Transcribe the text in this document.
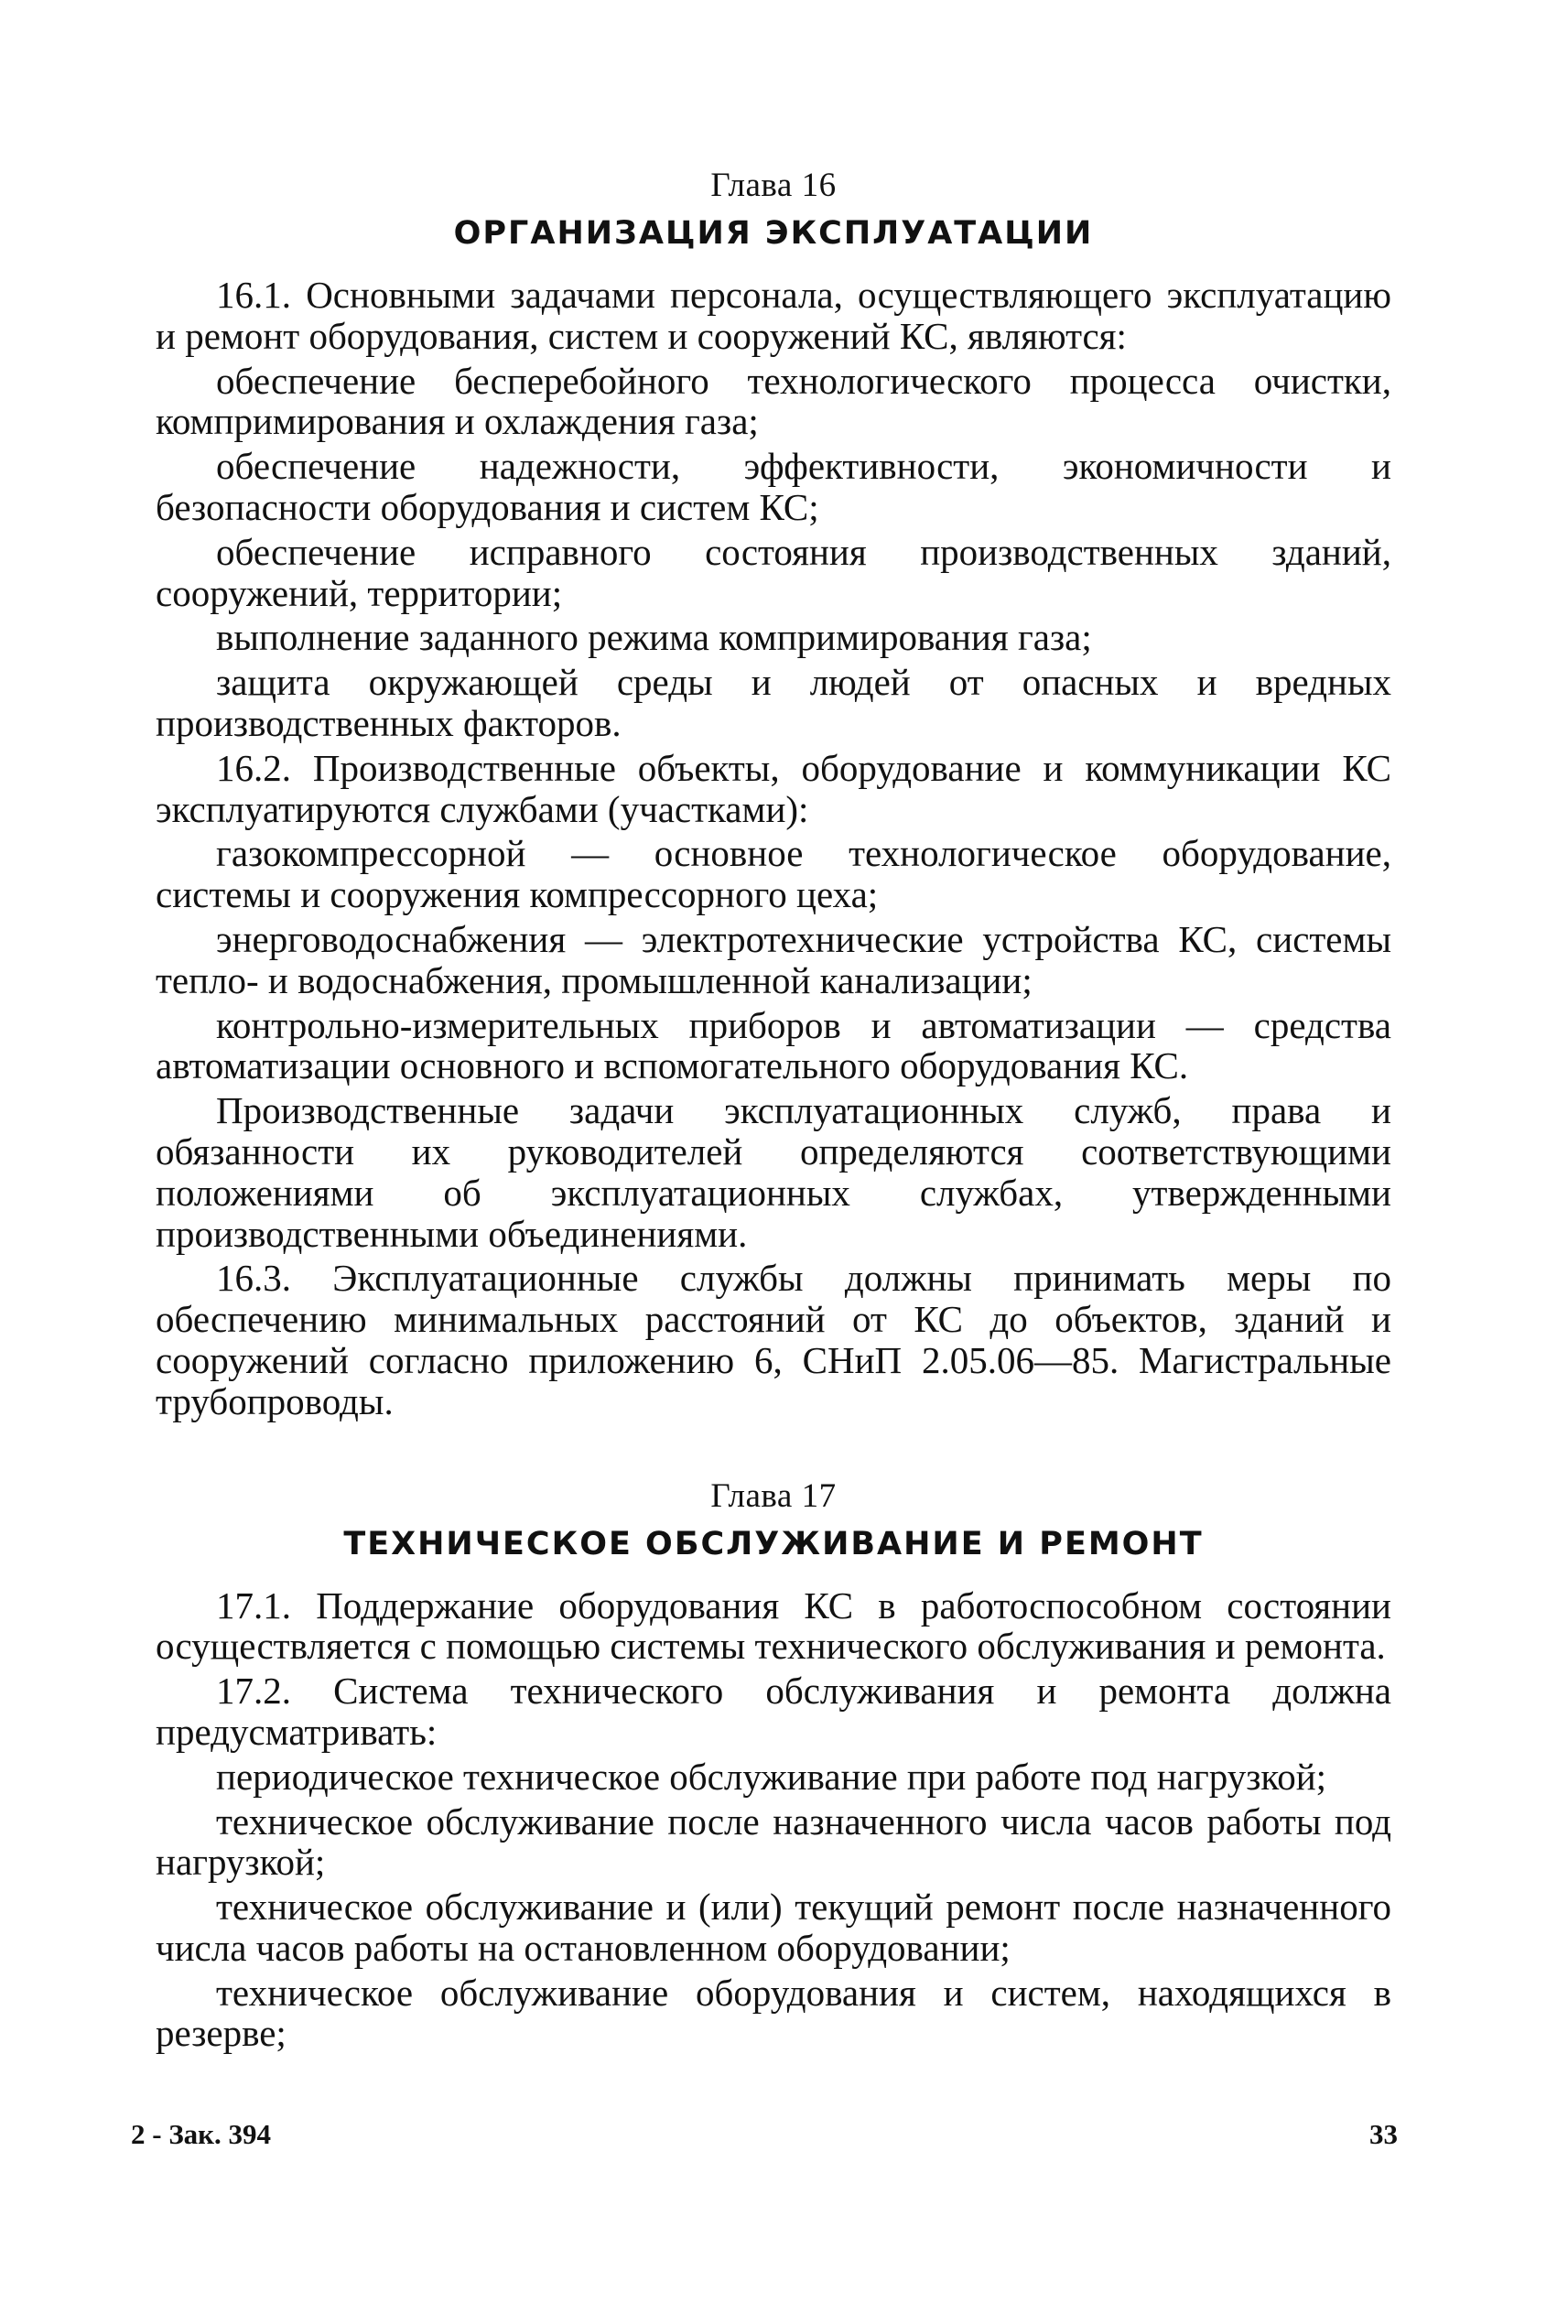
Глава 16
ОРГАНИЗАЦИЯ ЭКСПЛУАТАЦИИ

16.1. Основными задачами персонала, осуществляющего эксплуатацию и ремонт оборудования, систем и сооружений КС, являются:

обеспечение бесперебойного технологического процесса очистки, компримирования и охлаждения газа;

обеспечение надежности, эффективности, экономичности и безопасности оборудования и систем КС;

обеспечение исправного состояния производственных зданий, сооружений, территории;

выполнение заданного режима компримирования газа;

защита окружающей среды и людей от опасных и вредных производственных факторов.

16.2. Производственные объекты, оборудование и коммуникации КС эксплуатируются службами (участками):

газокомпрессорной — основное технологическое оборудование, системы и сооружения компрессорного цеха;

энерговодоснабжения — электротехнические устройства КС, системы тепло- и водоснабжения, промышленной канализации;

контрольно-измерительных приборов и автоматизации — средства автоматизации основного и вспомогательного оборудования КС.

Производственные задачи эксплуатационных служб, права и обязанности их руководителей определяются соответствующими положениями об эксплуатационных службах, утвержденными производственными объединениями.

16.3. Эксплуатационные службы должны принимать меры по обеспечению минимальных расстояний от КС до объектов, зданий и сооружений согласно приложению 6, СНиП 2.05.06—85. Магистральные трубопроводы.

Глава 17
ТЕХНИЧЕСКОЕ ОБСЛУЖИВАНИЕ И РЕМОНТ

17.1. Поддержание оборудования КС в работоспособном состоянии осуществляется с помощью системы технического обслуживания и ремонта.

17.2. Система технического обслуживания и ремонта должна предусматривать:

периодическое техническое обслуживание при работе под нагрузкой;

техническое обслуживание после назначенного числа часов работы под нагрузкой;

техническое обслуживание и (или) текущий ремонт после назначенного числа часов работы на остановленном оборудовании;

техническое обслуживание оборудования и систем, находящихся в резерве;

2 - Зак. 394	33
